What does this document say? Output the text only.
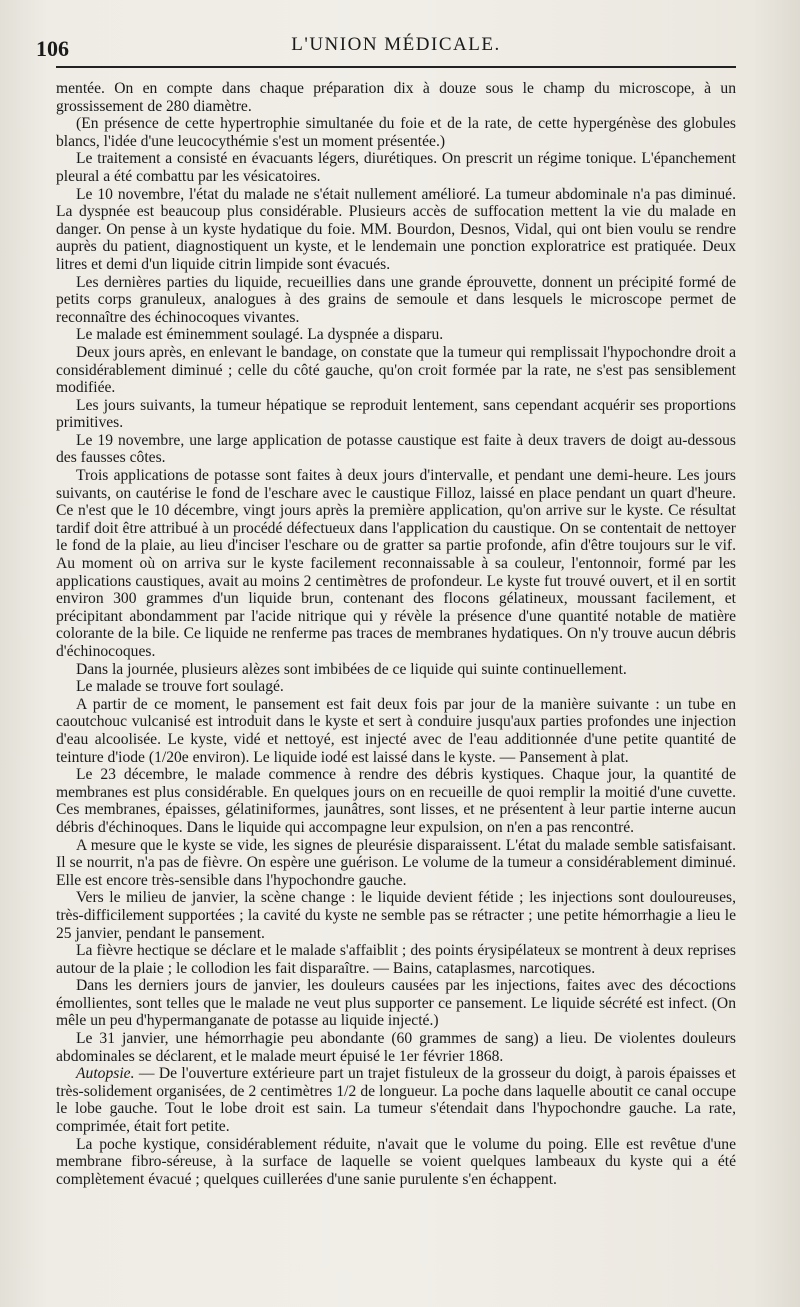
106	L'UNION MÉDICALE.

mentée. On en compte dans chaque préparation dix à douze sous le champ du microscope, à un grossissement de 280 diamètre.

(En présence de cette hypertrophie simultanée du foie et de la rate, de cette hypergénèse des globules blancs, l'idée d'une leucocythémie s'est un moment présentée.)

Le traitement a consisté en évacuants légers, diurétiques. On prescrit un régime tonique. L'épanchement pleural a été combattu par les vésicatoires.

Le 10 novembre, l'état du malade ne s'était nullement amélioré. La tumeur abdominale n'a pas diminué. La dyspnée est beaucoup plus considérable. Plusieurs accès de suffocation mettent la vie du malade en danger. On pense à un kyste hydatique du foie. MM. Bourdon, Desnos, Vidal, qui ont bien voulu se rendre auprès du patient, diagnostiquent un kyste, et le lendemain une ponction exploratrice est pratiquée. Deux litres et demi d'un liquide citrin limpide sont évacués.

Les dernières parties du liquide, recueillies dans une grande éprouvette, donnent un précipité formé de petits corps granuleux, analogues à des grains de semoule et dans lesquels le microscope permet de reconnaître des échinocoques vivantes.

Le malade est éminemment soulagé. La dyspnée a disparu.

Deux jours après, en enlevant le bandage, on constate que la tumeur qui remplissait l'hypochondre droit a considérablement diminué ; celle du côté gauche, qu'on croit formée par la rate, ne s'est pas sensiblement modifiée.

Les jours suivants, la tumeur hépatique se reproduit lentement, sans cependant acquérir ses proportions primitives.

Le 19 novembre, une large application de potasse caustique est faite à deux travers de doigt au-dessous des fausses côtes.

Trois applications de potasse sont faites à deux jours d'intervalle, et pendant une demi-heure. Les jours suivants, on cautérise le fond de l'eschare avec le caustique Filloz, laissé en place pendant un quart d'heure. Ce n'est que le 10 décembre, vingt jours après la première application, qu'on arrive sur le kyste. Ce résultat tardif doit être attribué à un procédé défectueux dans l'application du caustique. On se contentait de nettoyer le fond de la plaie, au lieu d'inciser l'eschare ou de gratter sa partie profonde, afin d'être toujours sur le vif. Au moment où on arriva sur le kyste facilement reconnaissable à sa couleur, l'entonnoir, formé par les applications caustiques, avait au moins 2 centimètres de profondeur. Le kyste fut trouvé ouvert, et il en sortit environ 300 grammes d'un liquide brun, contenant des flocons gélatineux, moussant facilement, et précipitant abondamment par l'acide nitrique qui y révèle la présence d'une quantité notable de matière colorante de la bile. Ce liquide ne renferme pas traces de membranes hydatiques. On n'y trouve aucun débris d'échinocoques.

Dans la journée, plusieurs alèzes sont imbibées de ce liquide qui suinte continuellement.

Le malade se trouve fort soulagé.

A partir de ce moment, le pansement est fait deux fois par jour de la manière suivante : un tube en caoutchouc vulcanisé est introduit dans le kyste et sert à conduire jusqu'aux parties profondes une injection d'eau alcoolisée. Le kyste, vidé et nettoyé, est injecté avec de l'eau additionnée d'une petite quantité de teinture d'iode (1/20e environ). Le liquide iodé est laissé dans le kyste. — Pansement à plat.

Le 23 décembre, le malade commence à rendre des débris kystiques. Chaque jour, la quantité de membranes est plus considérable. En quelques jours on en recueille de quoi remplir la moitié d'une cuvette. Ces membranes, épaisses, gélatiniformes, jaunâtres, sont lisses, et ne présentent à leur partie interne aucun débris d'échinoques. Dans le liquide qui accompagne leur expulsion, on n'en a pas rencontré.

A mesure que le kyste se vide, les signes de pleurésie disparaissent. L'état du malade semble satisfaisant. Il se nourrit, n'a pas de fièvre. On espère une guérison. Le volume de la tumeur a considérablement diminué. Elle est encore très-sensible dans l'hypochondre gauche.

Vers le milieu de janvier, la scène change : le liquide devient fétide ; les injections sont douloureuses, très-difficilement supportées ; la cavité du kyste ne semble pas se rétracter ; une petite hémorrhagie a lieu le 25 janvier, pendant le pansement.

La fièvre hectique se déclare et le malade s'affaiblit ; des points érysipélateux se montrent à deux reprises autour de la plaie ; le collodion les fait disparaître. — Bains, cataplasmes, narcotiques.

Dans les derniers jours de janvier, les douleurs causées par les injections, faites avec des décoctions émollientes, sont telles que le malade ne veut plus supporter ce pansement. Le liquide sécrété est infect. (On mêle un peu d'hypermanganate de potasse au liquide injecté.)

Le 31 janvier, une hémorrhagie peu abondante (60 grammes de sang) a lieu. De violentes douleurs abdominales se déclarent, et le malade meurt épuisé le 1er février 1868.

Autopsie. — De l'ouverture extérieure part un trajet fistuleux de la grosseur du doigt, à parois épaisses et très-solidement organisées, de 2 centimètres 1/2 de longueur. La poche dans laquelle aboutit ce canal occupe le lobe gauche. Tout le lobe droit est sain. La tumeur s'étendait dans l'hypochondre gauche. La rate, comprimée, était fort petite.

La poche kystique, considérablement réduite, n'avait que le volume du poing. Elle est revêtue d'une membrane fibro-séreuse, à la surface de laquelle se voient quelques lambeaux du kyste qui a été complètement évacué ; quelques cuillerées d'une sanie purulente s'en échappent.
